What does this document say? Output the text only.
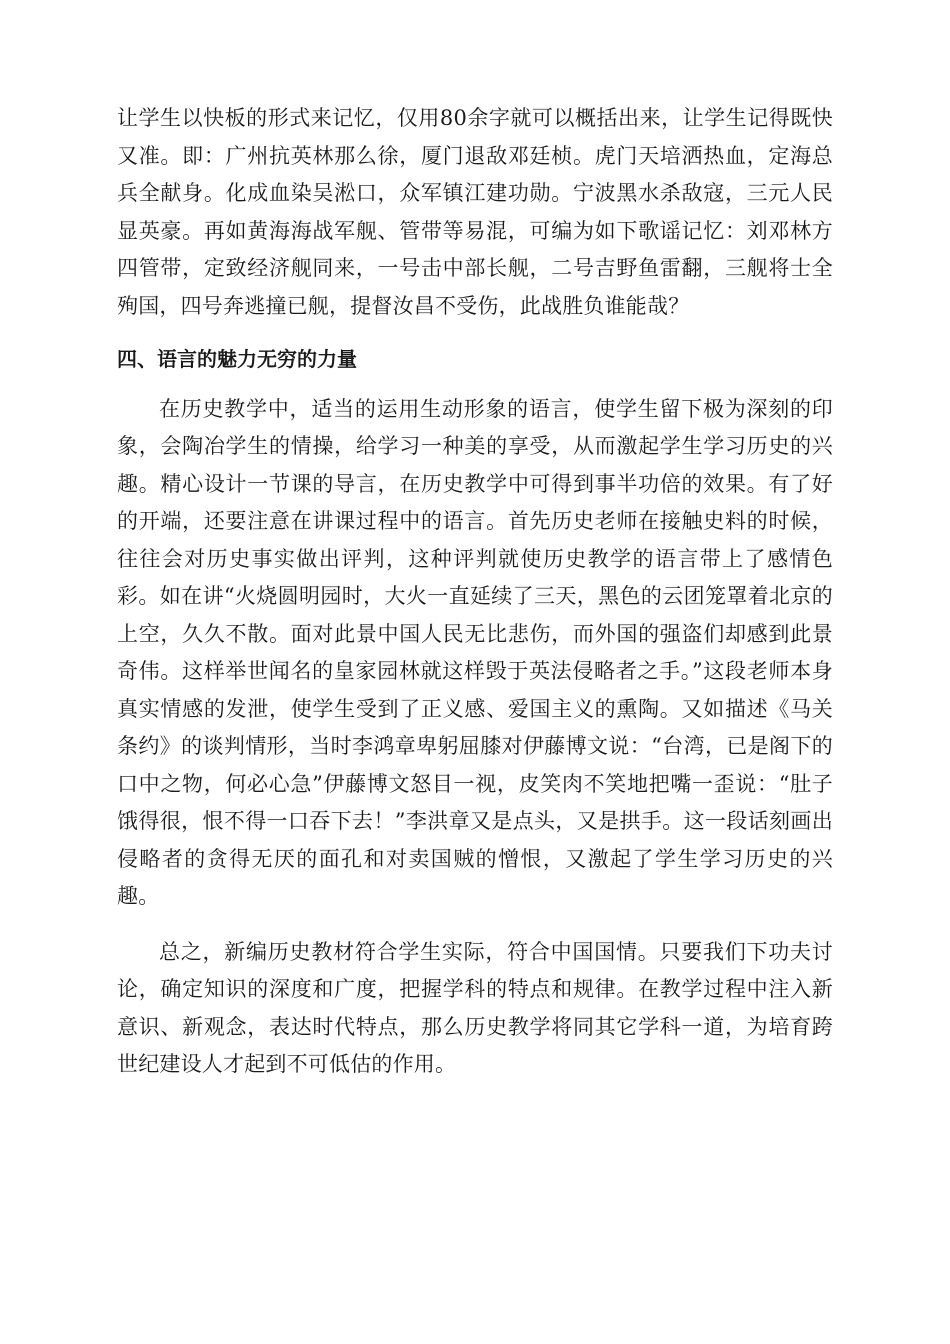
让学生以快板的形式来记忆，仅用80余字就可以概括出来，让学生记得既快又准。即：广州抗英林那么徐，厦门退敌邓廷桢。虎门天培洒热血，定海总兵全献身。化成血染吴淞口，众军镇江建功勋。宁波黑水杀敌寇，三元人民显英豪。再如黄海海战军舰、管带等易混，可编为如下歌谣记忆：刘邓林方四管带，定致经济舰同来，一号击中部长舰，二号吉野鱼雷翻，三舰将士全殉国，四号奔逃撞已舰，提督汝昌不受伤，此战胜负谁能哉？

四、语言的魅力无穷的力量

在历史教学中，适当的运用生动形象的语言，使学生留下极为深刻的印象，会陶冶学生的情操，给学习一种美的享受，从而激起学生学习历史的兴趣。精心设计一节课的导言，在历史教学中可得到事半功倍的效果。有了好的开端，还要注意在讲课过程中的语言。首先历史老师在接触史料的时候，往往会对历史事实做出评判，这种评判就使历史教学的语言带上了感情色彩。如在讲“火烧圆明园时，大火一直延续了三天，黑色的云团笼罩着北京的上空，久久不散。面对此景中国人民无比悲伤，而外国的强盗们却感到此景奇伟。这样举世闻名的皇家园林就这样毁于英法侵略者之手。”这段老师本身真实情感的发泄，使学生受到了正义感、爱国主义的熏陶。又如描述《马关条约》的谈判情形，当时李鸿章卑躬屈膝对伊藤博文说：“台湾，已是阁下的口中之物，何必心急”伊藤博文怒目一视，皮笑肉不笑地把嘴一歪说：“肚子饿得很，恨不得一口吞下去！”李洪章又是点头，又是拱手。这一段话刻画出侵略者的贪得无厌的面孔和对卖国贼的憎恨，又激起了学生学习历史的兴趣。

总之，新编历史教材符合学生实际，符合中国国情。只要我们下功夫讨论，确定知识的深度和广度，把握学科的特点和规律。在教学过程中注入新意识、新观念，表达时代特点，那么历史教学将同其它学科一道，为培育跨世纪建设人才起到不可低估的作用。
